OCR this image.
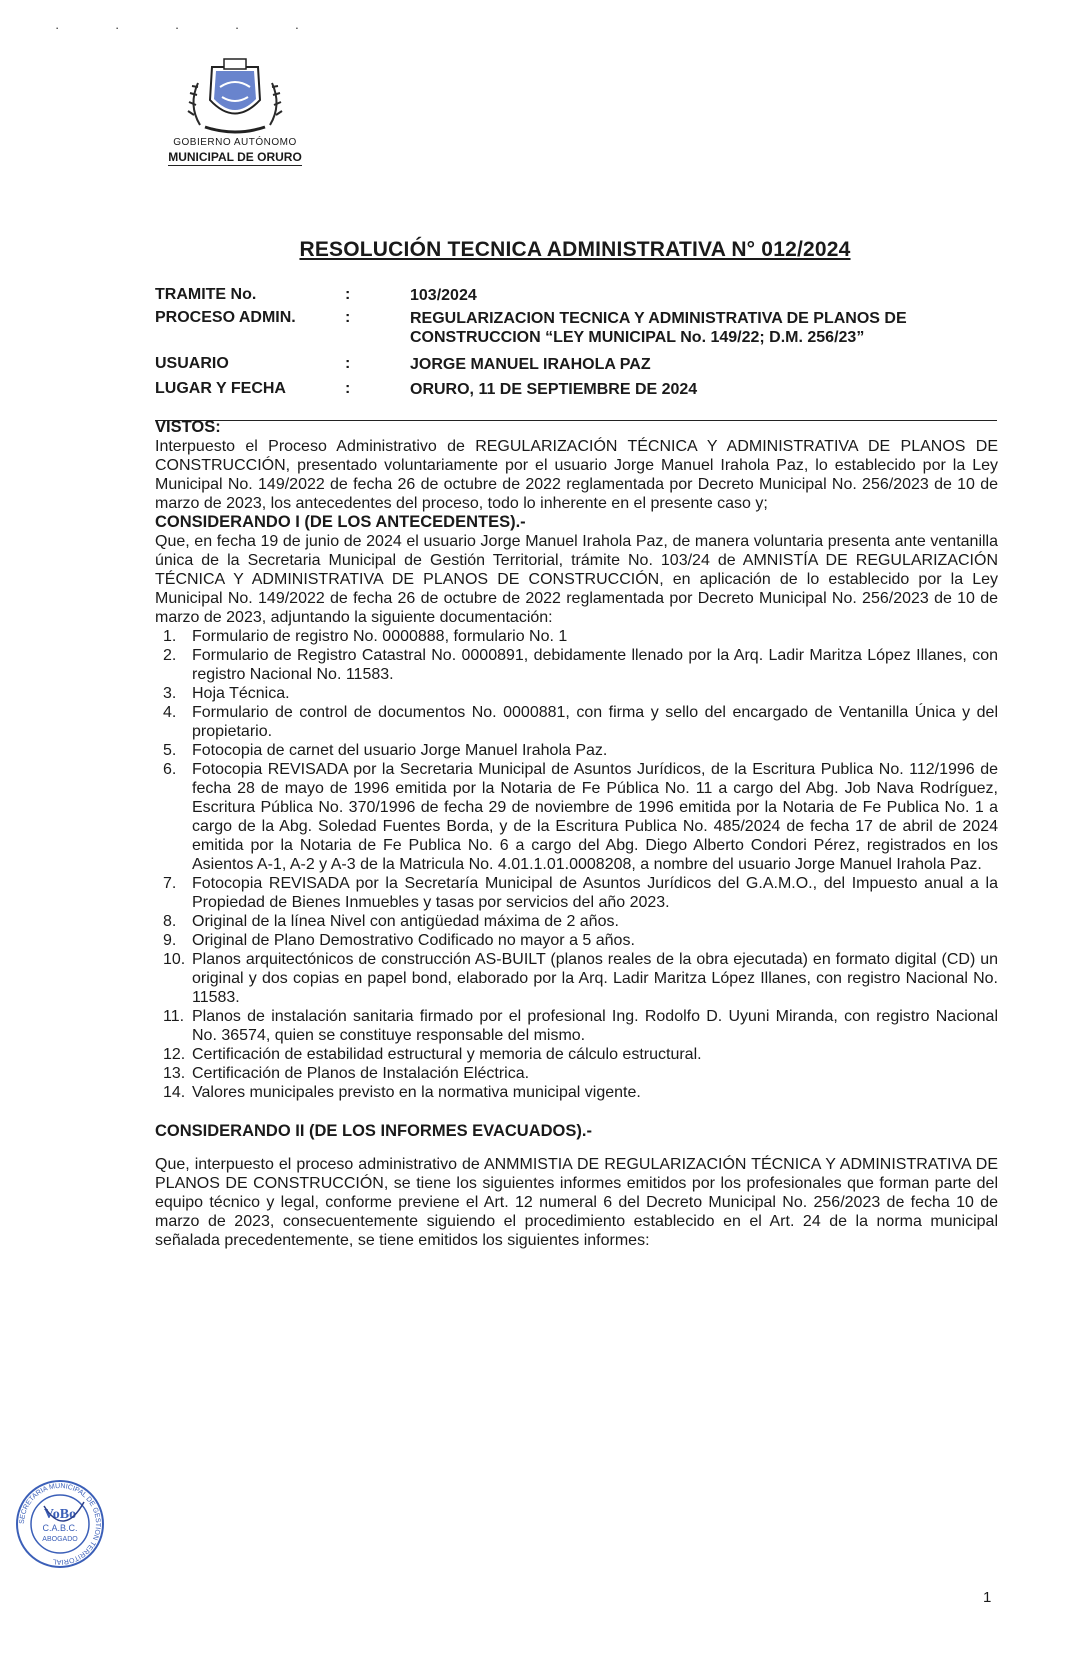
· · · · ·
GOBIERNO AUTÓNOMO
MUNICIPAL DE ORURO
RESOLUCIÓN TECNICA ADMINISTRATIVA N° 012/2024
TRAMITE No.	:	103/2024
PROCESO ADMIN.	:	REGULARIZACION TECNICA Y ADMINISTRATIVA DE PLANOS DE CONSTRUCCION “LEY MUNICIPAL No. 149/22; D.M. 256/23”
USUARIO	:	JORGE MANUEL IRAHOLA PAZ
LUGAR Y FECHA	:	ORURO, 11 DE SEPTIEMBRE DE 2024

VISTOS:

Interpuesto el Proceso Administrativo de REGULARIZACIÓN TÉCNICA Y ADMINISTRATIVA DE PLANOS DE CONSTRUCCIÓN, presentado voluntariamente por el usuario Jorge Manuel Irahola Paz, lo establecido por la Ley Municipal No. 149/2022 de fecha 26 de octubre de 2022 reglamentada por Decreto Municipal No. 256/2023 de 10 de marzo de 2023, los antecedentes del proceso, todo lo inherente en el presente caso y;

CONSIDERANDO I (DE LOS ANTECEDENTES).-

Que, en fecha 19 de junio de 2024 el usuario Jorge Manuel Irahola Paz, de manera voluntaria presenta ante ventanilla única de la Secretaria Municipal de Gestión Territorial, trámite No. 103/24 de AMNISTÍA DE REGULARIZACIÓN TÉCNICA Y ADMINISTRATIVA DE PLANOS DE CONSTRUCCIÓN, en aplicación de lo establecido por la Ley Municipal No. 149/2022 de fecha 26 de octubre de 2022 reglamentada por Decreto Municipal No. 256/2023 de 10 de marzo de 2023, adjuntando la siguiente documentación:

1. Formulario de registro No. 0000888, formulario No. 1
2. Formulario de Registro Catastral No. 0000891, debidamente llenado por la Arq. Ladir Maritza López Illanes, con registro Nacional No. 11583.
3. Hoja Técnica.
4. Formulario de control de documentos No. 0000881, con firma y sello del encargado de Ventanilla Única y del propietario.
5. Fotocopia de carnet del usuario Jorge Manuel Irahola Paz.
6. Fotocopia REVISADA por la Secretaria Municipal de Asuntos Jurídicos, de la Escritura Publica No. 112/1996 de fecha 28 de mayo de 1996 emitida por la Notaria de Fe Pública No. 11 a cargo del Abg. Job Nava Rodríguez, Escritura Pública No. 370/1996 de fecha 29 de noviembre de 1996 emitida por la Notaria de Fe Publica No. 1 a cargo de la Abg. Soledad Fuentes Borda, y de la Escritura Publica No. 485/2024 de fecha 17 de abril de 2024 emitida por la Notaria de Fe Publica No. 6 a cargo del Abg. Diego Alberto Condori Pérez, registrados en los Asientos A-1, A-2 y A-3 de la Matricula No. 4.01.1.01.0008208, a nombre del usuario Jorge Manuel Irahola Paz.
7. Fotocopia REVISADA por la Secretaría Municipal de Asuntos Jurídicos del G.A.M.O., del Impuesto anual a la Propiedad de Bienes Inmuebles y tasas por servicios del año 2023.
8. Original de la línea Nivel con antigüedad máxima de 2 años.
9. Original de Plano Demostrativo Codificado no mayor a 5 años.
10. Planos arquitectónicos de construcción AS-BUILT (planos reales de la obra ejecutada) en formato digital (CD) un original y dos copias en papel bond, elaborado por la Arq. Ladir Maritza López Illanes, con registro Nacional No. 11583.
11. Planos de instalación sanitaria firmado por el profesional Ing. Rodolfo D. Uyuni Miranda, con registro Nacional No. 36574, quien se constituye responsable del mismo.
12. Certificación de estabilidad estructural y memoria de cálculo estructural.
13. Certificación de Planos de Instalación Eléctrica.
14. Valores municipales previsto en la normativa municipal vigente.

CONSIDERANDO II (DE LOS INFORMES EVACUADOS).-

Que, interpuesto el proceso administrativo de ANMMISTIA DE REGULARIZACIÓN TÉCNICA Y ADMINISTRATIVA DE PLANOS DE CONSTRUCCIÓN, se tiene los siguientes informes emitidos por los profesionales que forman parte del equipo técnico y legal, conforme previene el Art. 12 numeral 6 del Decreto Municipal No. 256/2023 de fecha 10 de marzo de 2023, consecuentemente siguiendo el procedimiento establecido en el Art. 24 de la norma municipal señalada precedentemente, se tiene emitidos los siguientes informes:

SECRETARIA MUNICIPAL DE GESTION TERRITORIAL
VoBo
C.A.B.C.
ABOGADO
1
